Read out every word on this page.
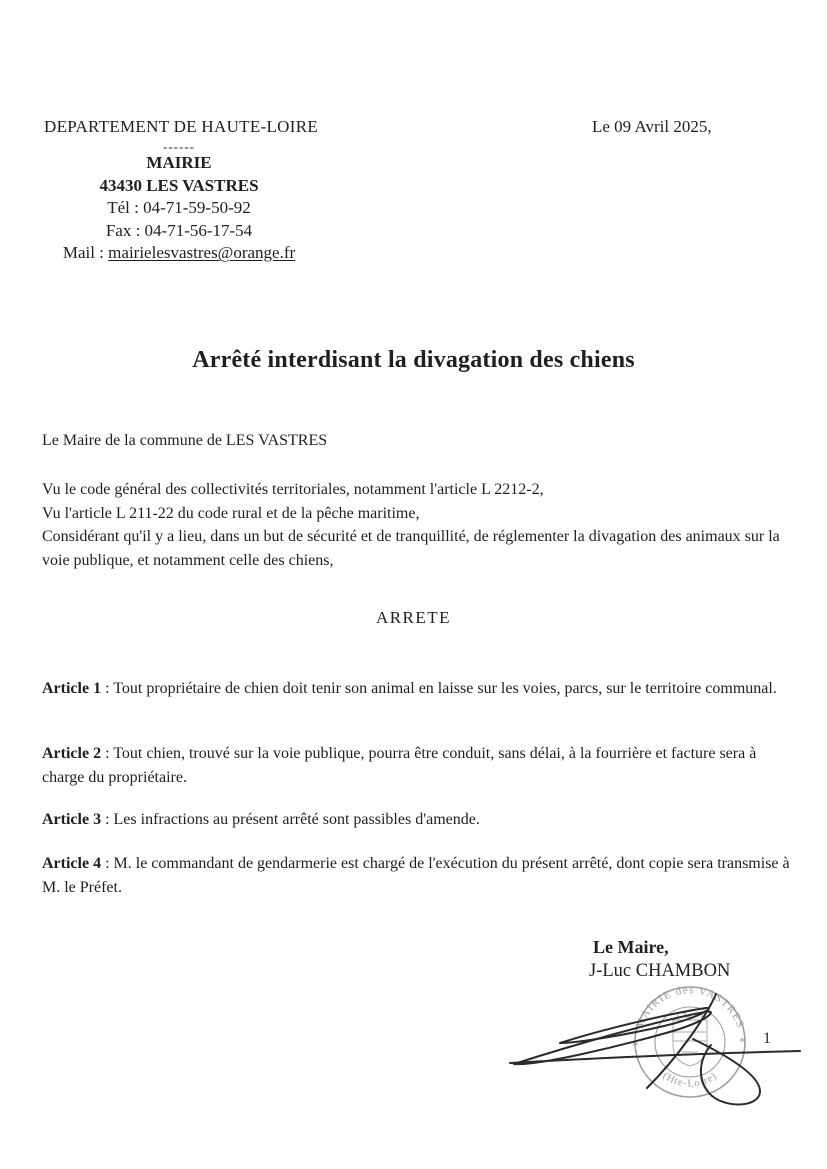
DEPARTEMENT DE HAUTE-LOIRE	Le 09 Avril 2025,
------
MAIRIE
43430 LES VASTRES
Tél : 04-71-59-50-92
Fax : 04-71-56-17-54
Mail : mairielesvastres@orange.fr
Arrêté interdisant la divagation des chiens
Le Maire de la commune de LES VASTRES
Vu le code général des collectivités territoriales, notamment l'article L 2212-2,
Vu l'article L 211-22 du code rural et de la pêche maritime,
Considérant qu'il y a lieu, dans un but de sécurité et de tranquillité, de réglementer la divagation des animaux sur la voie publique, et notamment celle des chiens,
ARRETE
Article 1 : Tout propriétaire de chien doit tenir son animal en laisse sur les voies, parcs, sur le territoire communal.
Article 2 : Tout chien, trouvé sur la voie publique, pourra être conduit, sans délai, à la fourrière et facture sera à charge du propriétaire.
Article 3 : Les infractions au présent arrêté sont passibles d'amende.
Article 4 : M. le commandant de gendarmerie est chargé de l'exécution du présent arrêté, dont copie sera transmise à M. le Préfet.
Le Maire,
J-Luc CHAMBON
MAIRIE des VASTRES
(Hte-Loire)
*	* 1
